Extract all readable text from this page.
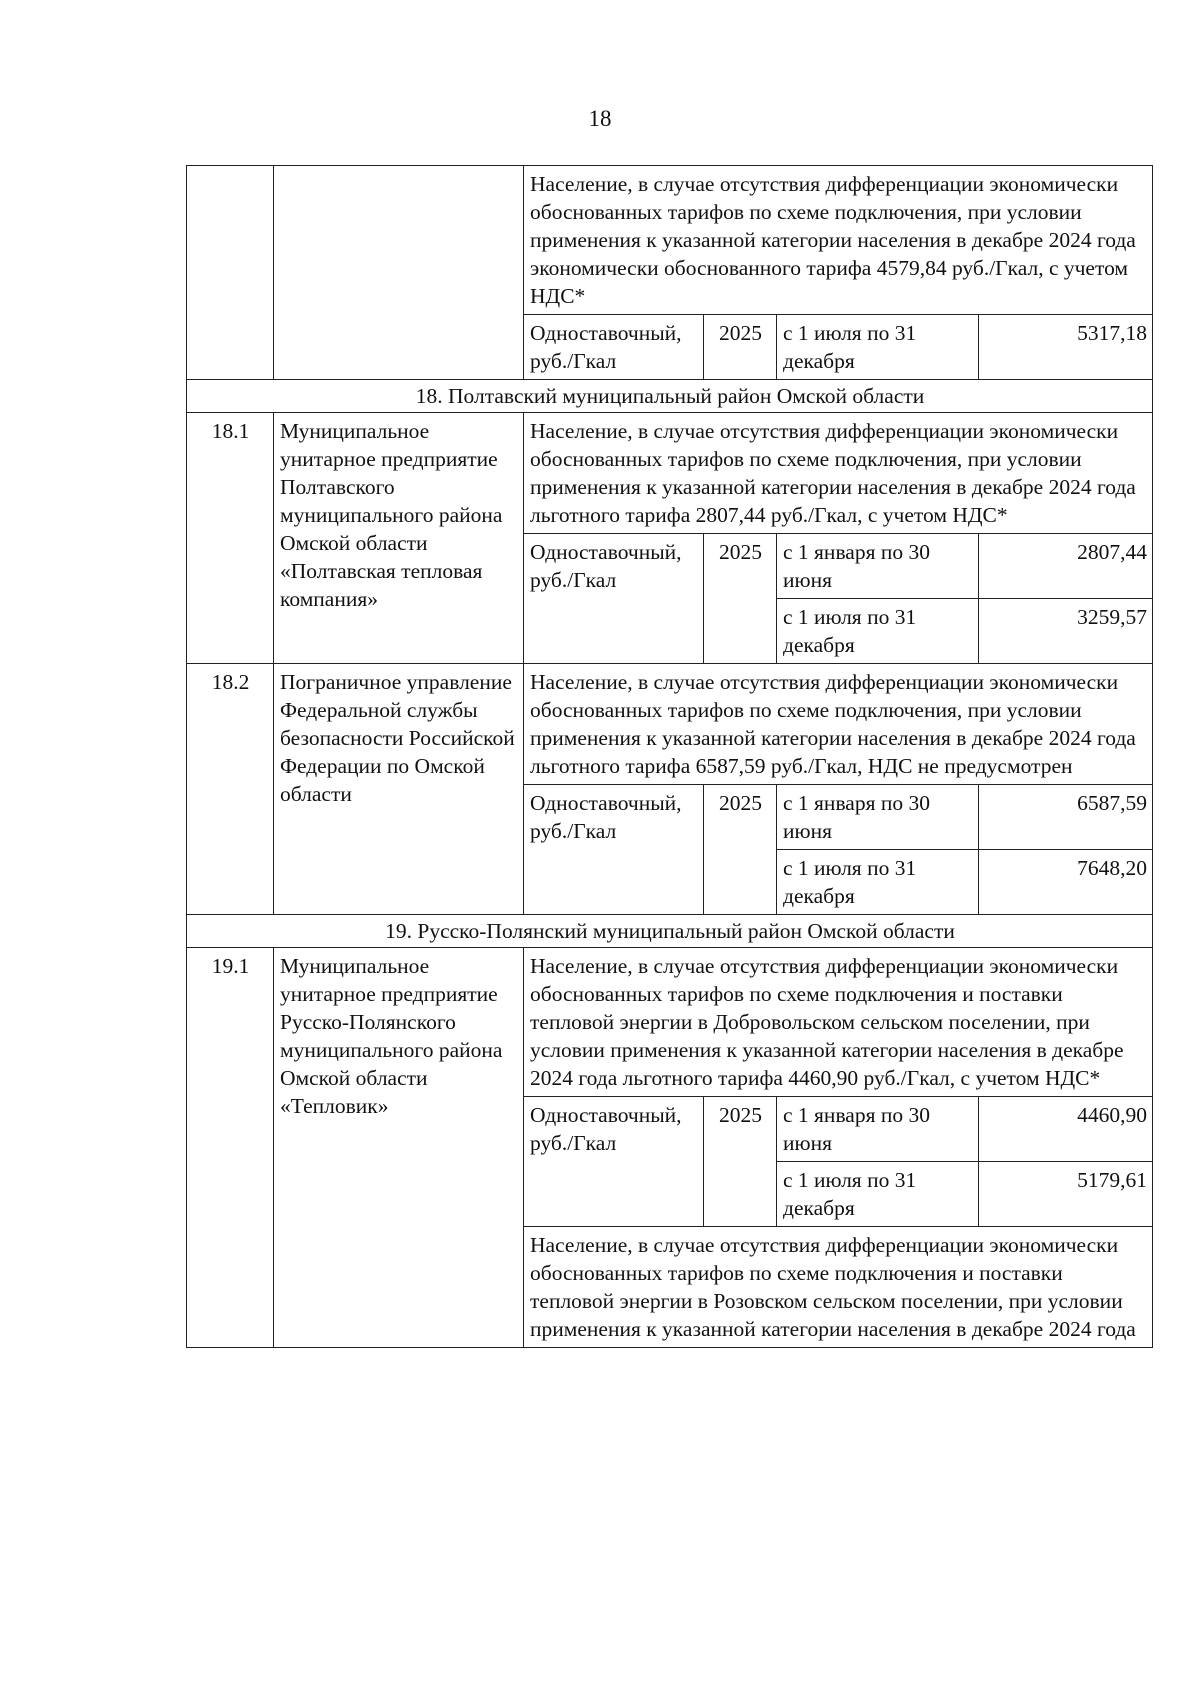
18
		Население, в случае отсутствия дифференциации экономически обоснованных тарифов по схеме подключения, при условии применения к указанной категории населения в декабре 2024 года экономически обоснованного тарифа 4579,84 руб./Гкал, с учетом НДС*			
		Одноставочный, руб./Гкал	2025	с 1 июля по 31 декабря	5317,18
18. Полтавский муниципальный район Омской области					
18.1	Муниципальное унитарное предприятие Полтавского муниципального района Омской области «Полтавская тепловая компания»	Население, в случае отсутствия дифференциации экономически обоснованных тарифов по схеме подключения, при условии применения к указанной категории населения в декабре 2024 года льготного тарифа 2807,44 руб./Гкал, с учетом НДС*			
		Одноставочный, руб./Гкал	2025	с 1 января по 30 июня	2807,44
				с 1 июля по 31 декабря	3259,57
18.2	Пограничное управление Федеральной службы безопасности Российской Федерации по Омской области	Население, в случае отсутствия дифференциации экономически обоснованных тарифов по схеме подключения, при условии применения к указанной категории населения в декабре 2024 года льготного тарифа 6587,59 руб./Гкал, НДС не предусмотрен			
		Одноставочный, руб./Гкал	2025	с 1 января по 30 июня	6587,59
				с 1 июля по 31 декабря	7648,20
19. Русско-Полянский муниципальный район Омской области					
19.1	Муниципальное унитарное предприятие Русско-Полянского муниципального района Омской области «Тепловик»	Население, в случае отсутствия дифференциации экономически обоснованных тарифов по схеме подключения и поставки тепловой энергии в Добровольском сельском поселении, при условии применения к указанной категории населения в декабре 2024 года льготного тарифа 4460,90 руб./Гкал, с учетом НДС*			
		Одноставочный, руб./Гкал	2025	с 1 января по 30 июня	4460,90
				с 1 июля по 31 декабря	5179,61
		Население, в случае отсутствия дифференциации экономически обоснованных тарифов по схеме подключения и поставки тепловой энергии в Розовском сельском поселении, при условии применения к указанной категории населения в декабре 2024 года			
